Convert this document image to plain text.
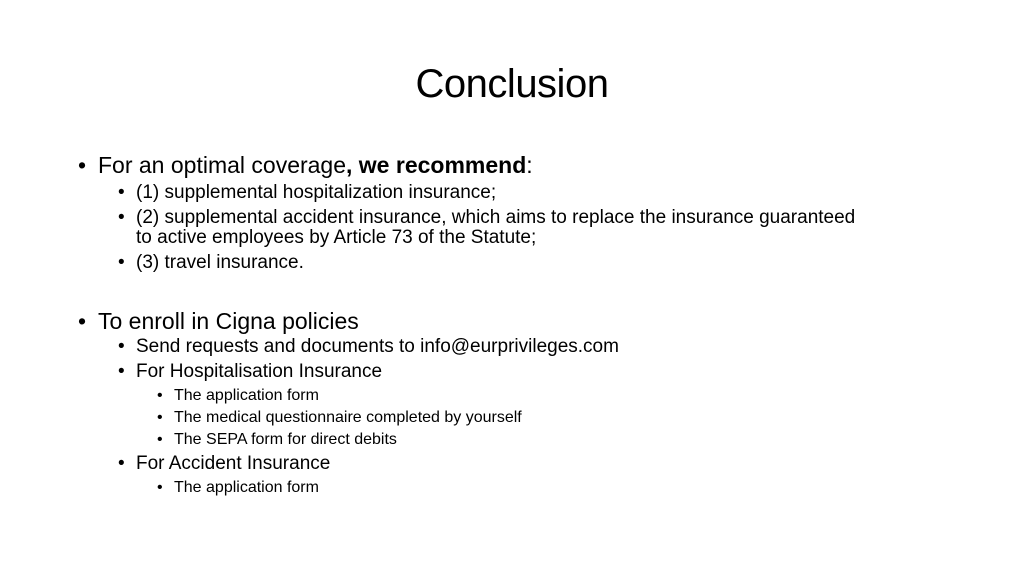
Conclusion
• For an optimal coverage, we recommend:
• (1) supplemental hospitalization insurance;
• (2) supplemental accident insurance, which aims to replace the insurance guaranteed to active employees by Article 73 of the Statute;
• (3) travel insurance.
• To enroll in Cigna policies
• Send requests and documents to info@eurprivileges.com
• For Hospitalisation Insurance
• The application form
• The medical questionnaire completed by yourself
• The SEPA form for direct debits
• For Accident Insurance
• The application form
